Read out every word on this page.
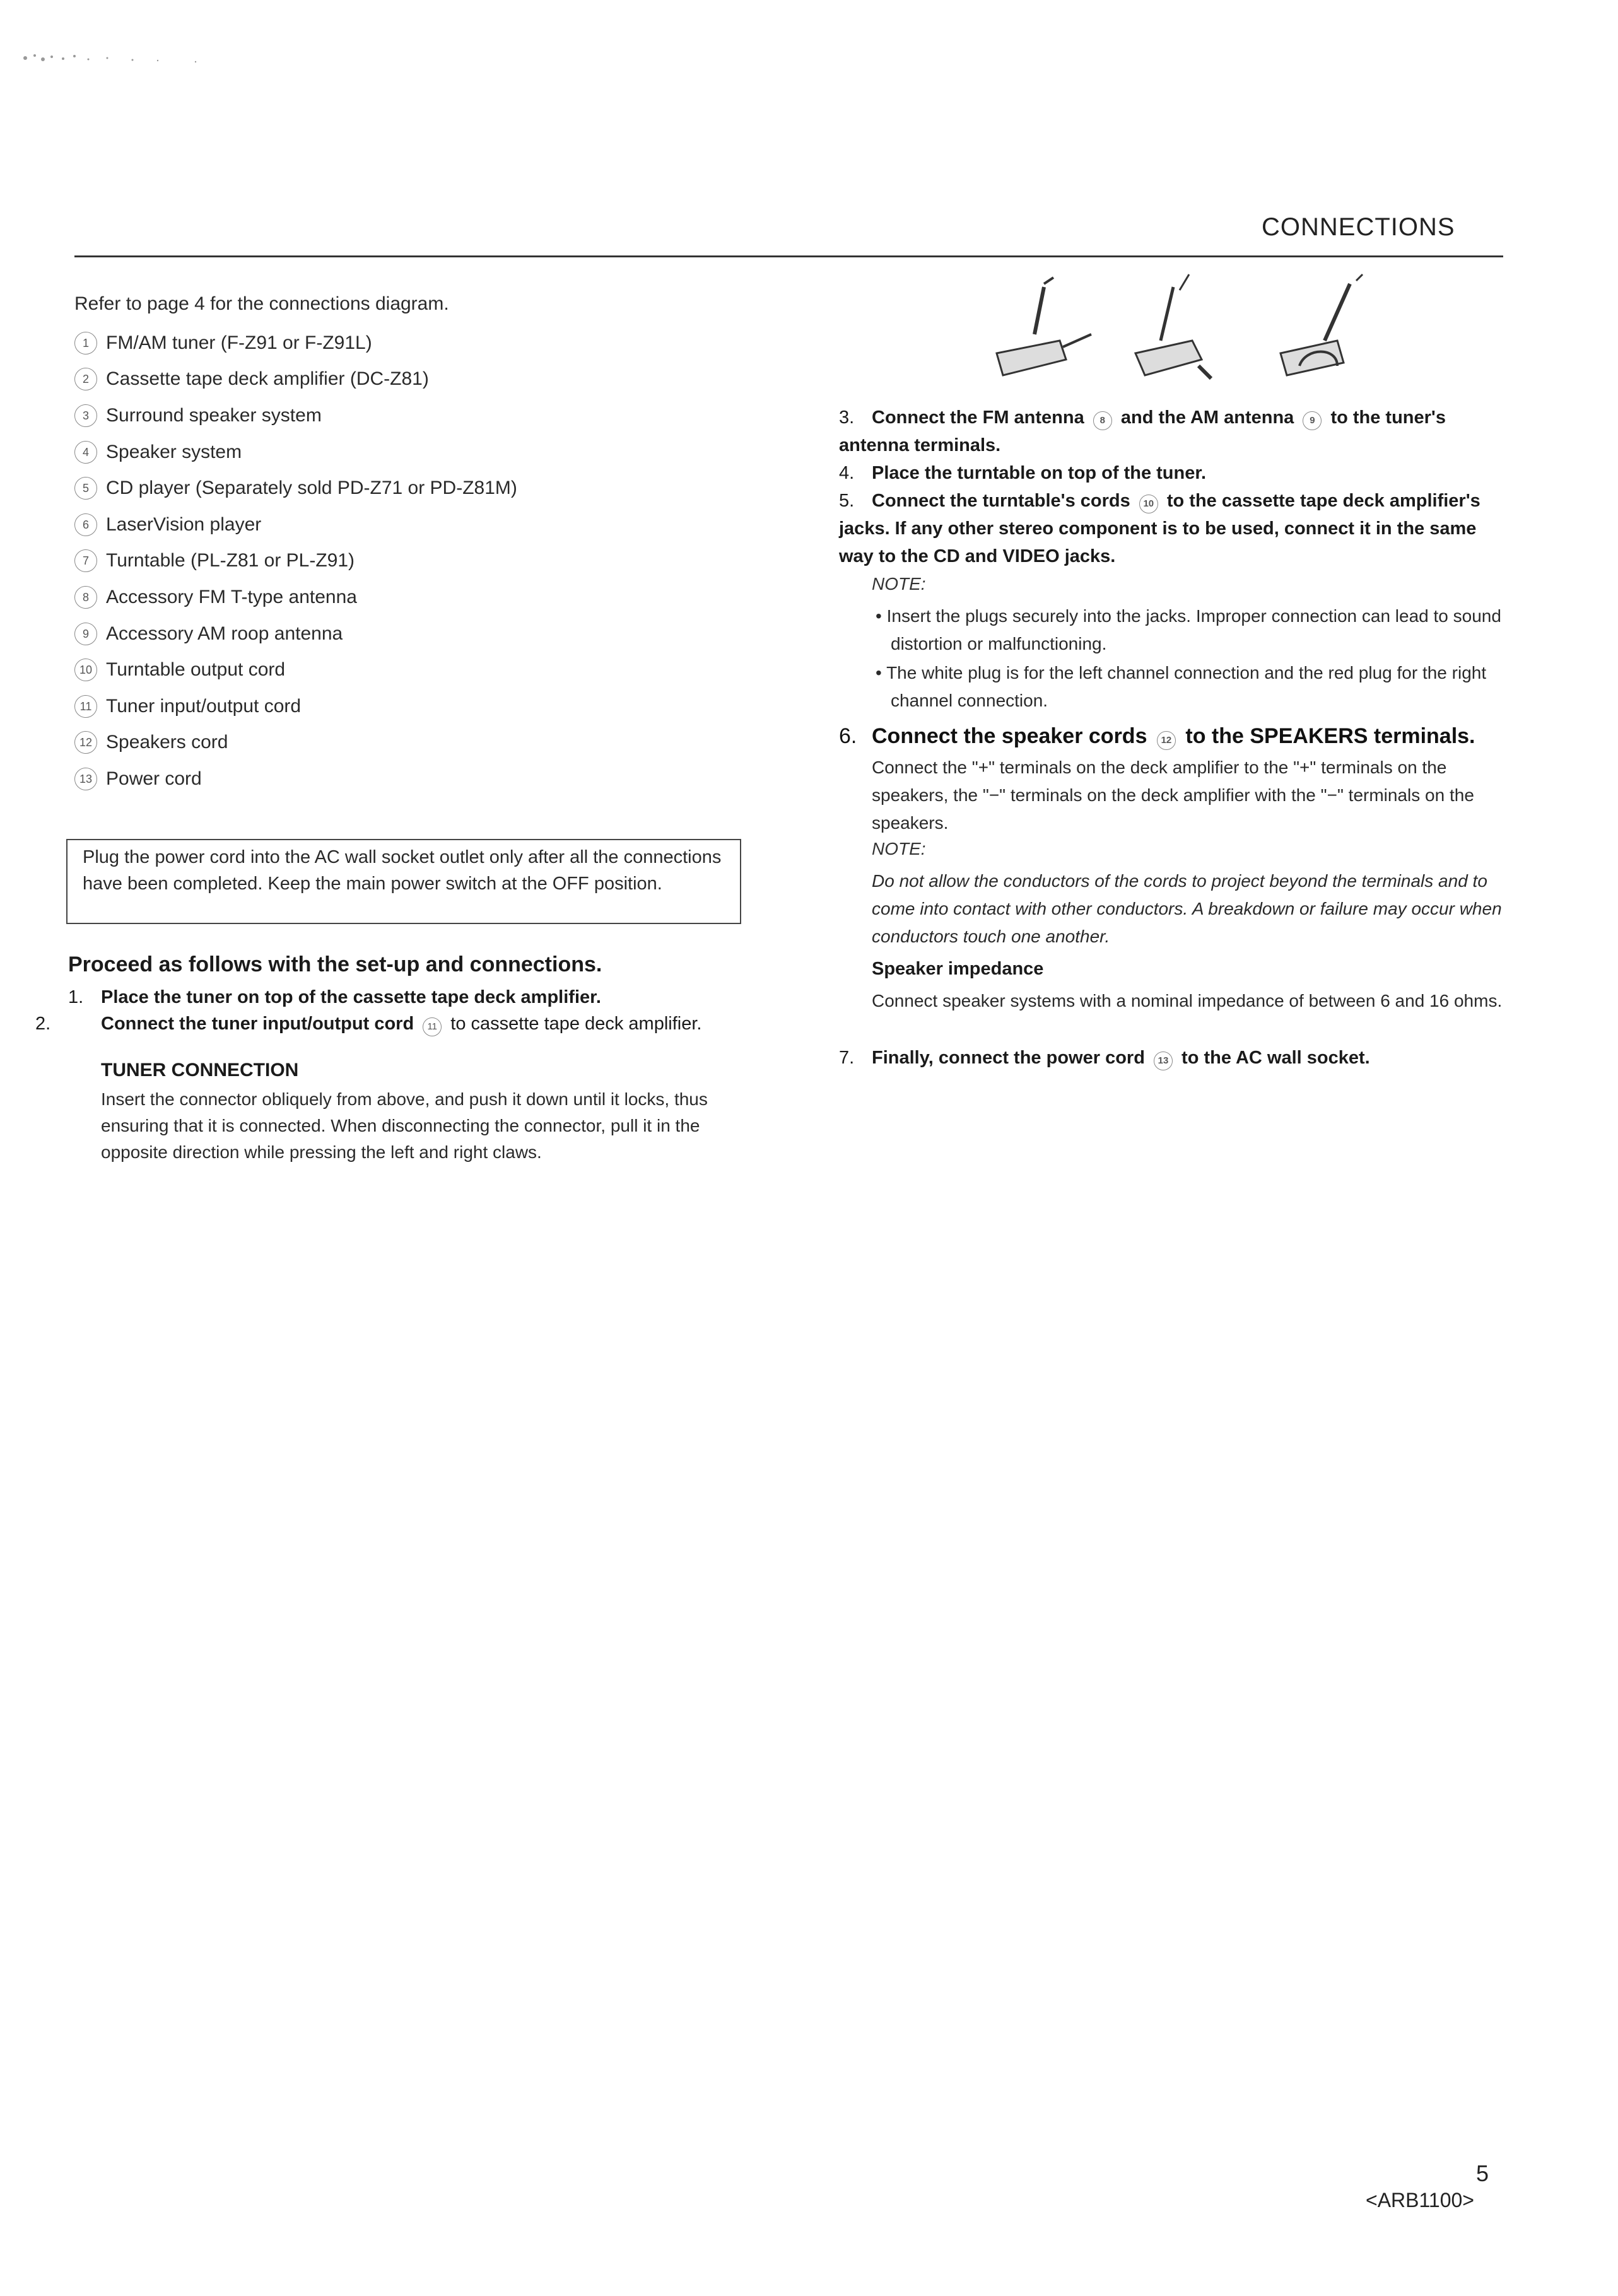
CONNECTIONS
Refer to page 4 for the connections diagram.
1 FM/AM tuner (F-Z91 or F-Z91L)
2 Cassette tape deck amplifier (DC-Z81)
3 Surround speaker system
4 Speaker system
5 CD player (Separately sold PD-Z71 or PD-Z81M)
6 LaserVision player
7 Turntable (PL-Z81 or PL-Z91)
8 Accessory FM T-type antenna
9 Accessory AM roop antenna
10 Turntable output cord
11 Tuner input/output cord
12 Speakers cord
13 Power cord
Plug the power cord into the AC wall socket outlet only after all the connections have been completed. Keep the main power switch at the OFF position.
Proceed as follows with the set-up and connections.
1. Place the tuner on top of the cassette tape deck amplifier.
2.	Connect the tuner input/output cord 11 to cassette tape deck amplifier.
TUNER CONNECTION
Insert the connector obliquely from above, and push it down until it locks, thus ensuring that it is connected. When disconnecting the connector, pull it in the opposite direction while pressing the left and right claws.
3. Connect the FM antenna 8 and the AM antenna 9 to the tuner's antenna terminals.
4. Place the turntable on top of the tuner.
5. Connect the turntable's cords 10 to the cassette tape deck amplifier's jacks. If any other stereo component is to be used, connect it in the same way to the CD and VIDEO jacks.
NOTE:
• Insert the plugs securely into the jacks. Improper connection can lead to sound distortion or malfunctioning.
• The white plug is for the left channel connection and the red plug for the right channel connection.
6. Connect the speaker cords 12 to the SPEAKERS terminals.
Connect the "+" terminals on the deck amplifier to the "+" terminals on the speakers, the "−" terminals on the deck amplifier with the "−" terminals on the speakers.
NOTE:
Do not allow the conductors of the cords to project beyond the terminals and to come into contact with other conductors. A breakdown or failure may occur when conductors touch one another.
Speaker impedance
Connect speaker systems with a nominal impedance of between 6 and 16 ohms.
7. Finally, connect the power cord 13 to the AC wall socket.
5
<ARB1100>
